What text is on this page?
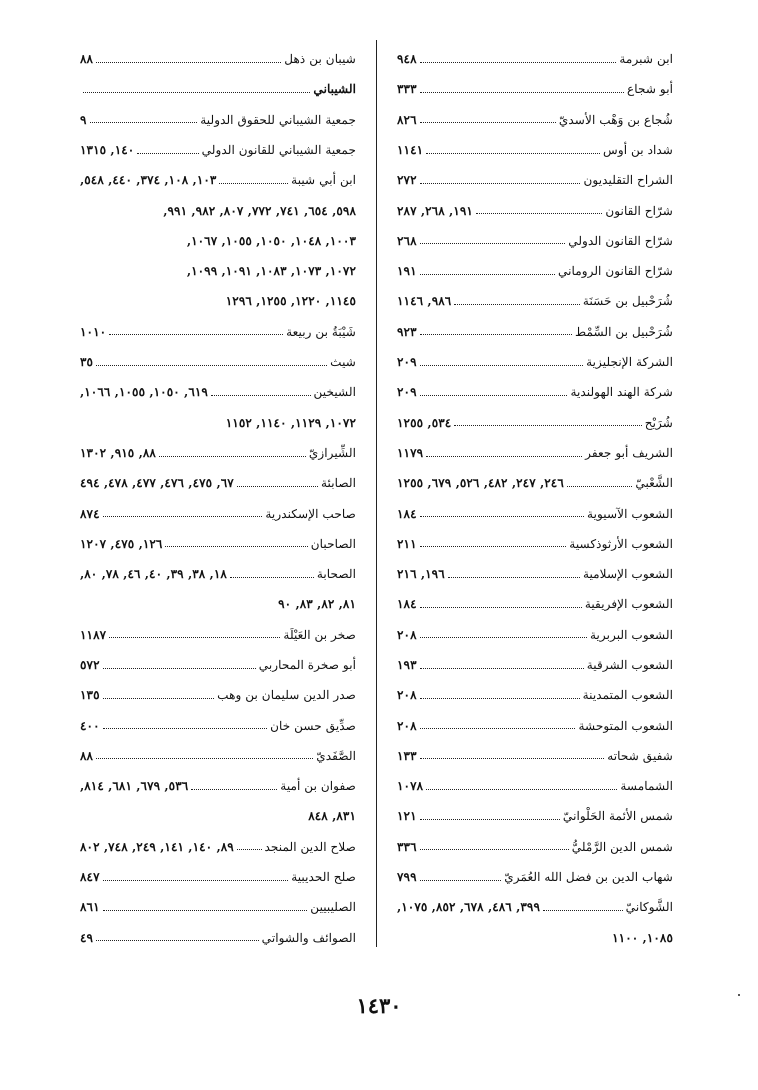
ابن شبرمة
٩٤٨
أبو شجاع
٣٣٣
شُجاع بن وَهْب الأسديّ
٨٢٦
شداد بن أوس
١١٤١
الشراح التقليديون
٢٧٢
شرّاح القانون
١٩١, ٢٦٨, ٢٨٧
شرّاح القانون الدولي
٢٦٨
شرّاح القانون الروماني
١٩١
شُرَحْبيل بن حَسَنَة
٩٨٦, ١١٤٦
شُرَحْبيل بن السِّمْط
٩٢٣
الشركة الإنجليزية
٢٠٩
شركة الهند الهولندية
٢٠٩
شُرَيْح
٥٣٤, ١٢٥٥
الشريف أبو جعفر
١١٧٩
الشَّعْبيّ
٢٤٦, ٢٤٧, ٤٨٢, ٥٢٦, ٦٧٩, ١٢٥٥
الشعوب الآسيوية
١٨٤
الشعوب الأرثوذكسية
٢١١
الشعوب الإسلامية
١٩٦, ٢١٦
الشعوب الإفريقية
١٨٤
الشعوب البربرية
٢٠٨
الشعوب الشرقية
١٩٣
الشعوب المتمدينة
٢٠٨
الشعوب المتوحشة
٢٠٨
شفيق شحاته
١٣٣
الشمامسة
١٠٧٨
شمس الأئمة الحَلْوانيّ
١٢١
شمس الدين الرَّمْليُّ
٣٣٦
شهاب الدين بن فضل الله العُمَريّ
٧٩٩
الشَّوكانيّ
٣٩٩, ٤٨٦, ٦٧٨, ٨٥٢, ١٠٧٥,
١٠٨٥, ١١٠٠
شيبان بن ذهل
٨٨
الشيباني
جمعية الشيباني للحقوق الدولية
٩
جمعية الشيباني للقانون الدولي
١٤٠, ١٣١٥
ابن أبي شيبة
١٠٣, ١٠٨, ٣٧٤, ٤٤٠, ٥٤٨,
٥٩٨, ٦٥٤, ٧٤١, ٧٧٢, ٨٠٧, ٩٨٢, ٩٩١,
١٠٠٣, ١٠٤٨, ١٠٥٠, ١٠٥٥, ١٠٦٧,
١٠٧٢, ١٠٧٣, ١٠٨٣, ١٠٩١, ١٠٩٩,
١١٤٥, ١٢٢٠, ١٢٥٥, ١٢٩٦
شَيْبَةُ بن ربيعة
١٠١٠
شيث
٣٥
الشيخين
٦١٩, ١٠٥٠, ١٠٥٥, ١٠٦٦,
١٠٧٢, ١١٢٩, ١١٤٠, ١١٥٢
الشِّيرازيّ
٨٨, ٩١٥, ١٣٠٢
الصابئة
٦٧, ٤٧٥, ٤٧٦, ٤٧٧, ٤٧٨, ٤٩٤
صاحب الإسكندرية
٨٧٤
الصاحبان
١٢٦, ٤٧٥, ١٢٠٧
الصحابة
١٨, ٣٨, ٣٩, ٤٠, ٤٦, ٧٨, ٨٠,
٨١, ٨٢, ٨٣, ٩٠
صخر بن العَيْلَة
١١٨٧
أبو صخرة المحاربي
٥٧٢
صدر الدين سليمان بن وهب
١٣٥
صدِّيق حسن خان
٤٠٠
الصَّفَديّ
٨٨
صفوان بن أمية
٥٣٦, ٦٧٩, ٦٨١, ٨١٤,
٨٣١, ٨٤٨
صلاح الدين المنجد
٨٩, ١٤٠, ١٤١, ٢٤٩, ٧٤٨, ٨٠٢
صلح الحديبية
٨٤٧
الصليبيين
٨٦١
الصوائف والشواتي
٤٩
١٤٣٠
